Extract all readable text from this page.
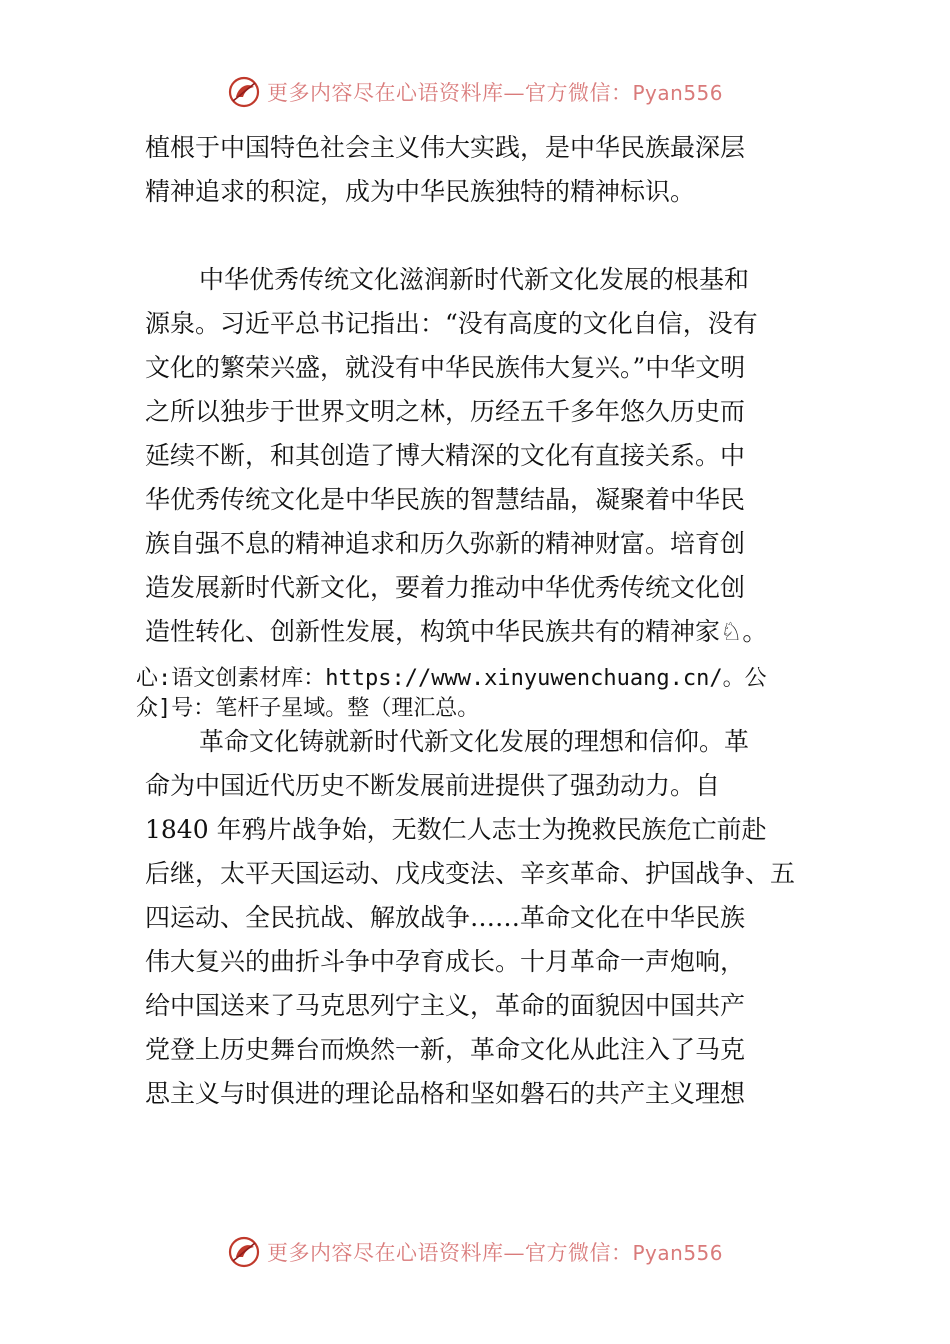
更多内容尽在心语资料库—官方微信：Pyan556
植根于中国特色社会主义伟大实践，是中华民族最深层
精神追求的积淀，成为中华民族独特的精神标识。
中华优秀传统文化滋润新时代新文化发展的根基和
源泉。习近平总书记指出：“没有高度的文化自信，没有
文化的繁荣兴盛，就没有中华民族伟大复兴。”中华文明
之所以独步于世界文明之林，历经五千多年悠久历史而
延续不断，和其创造了博大精深的文化有直接关系。中
华优秀传统文化是中华民族的智慧结晶，凝聚着中华民
族自强不息的精神追求和历久弥新的精神财富。培育创
造发展新时代新文化，要着力推动中华优秀传统文化创
造性转化、创新性发展，构筑中华民族共有的精神家♘。
心:语文创素材库：https://www.xinyuwenchuang.cn/。公
众]号：笔杆子星域。整（理汇总。
革命文化铸就新时代新文化发展的理想和信仰。革
命为中国近代历史不断发展前进提供了强劲动力。自
1840 年鸦片战争始，无数仁人志士为挽救民族危亡前赴
后继，太平天国运动、戊戌变法、辛亥革命、护国战争、五
四运动、全民抗战、解放战争……革命文化在中华民族
伟大复兴的曲折斗争中孕育成长。十月革命一声炮响，
给中国送来了马克思列宁主义，革命的面貌因中国共产
党登上历史舞台而焕然一新，革命文化从此注入了马克
思主义与时俱进的理论品格和坚如磐石的共产主义理想
更多内容尽在心语资料库—官方微信：Pyan556
